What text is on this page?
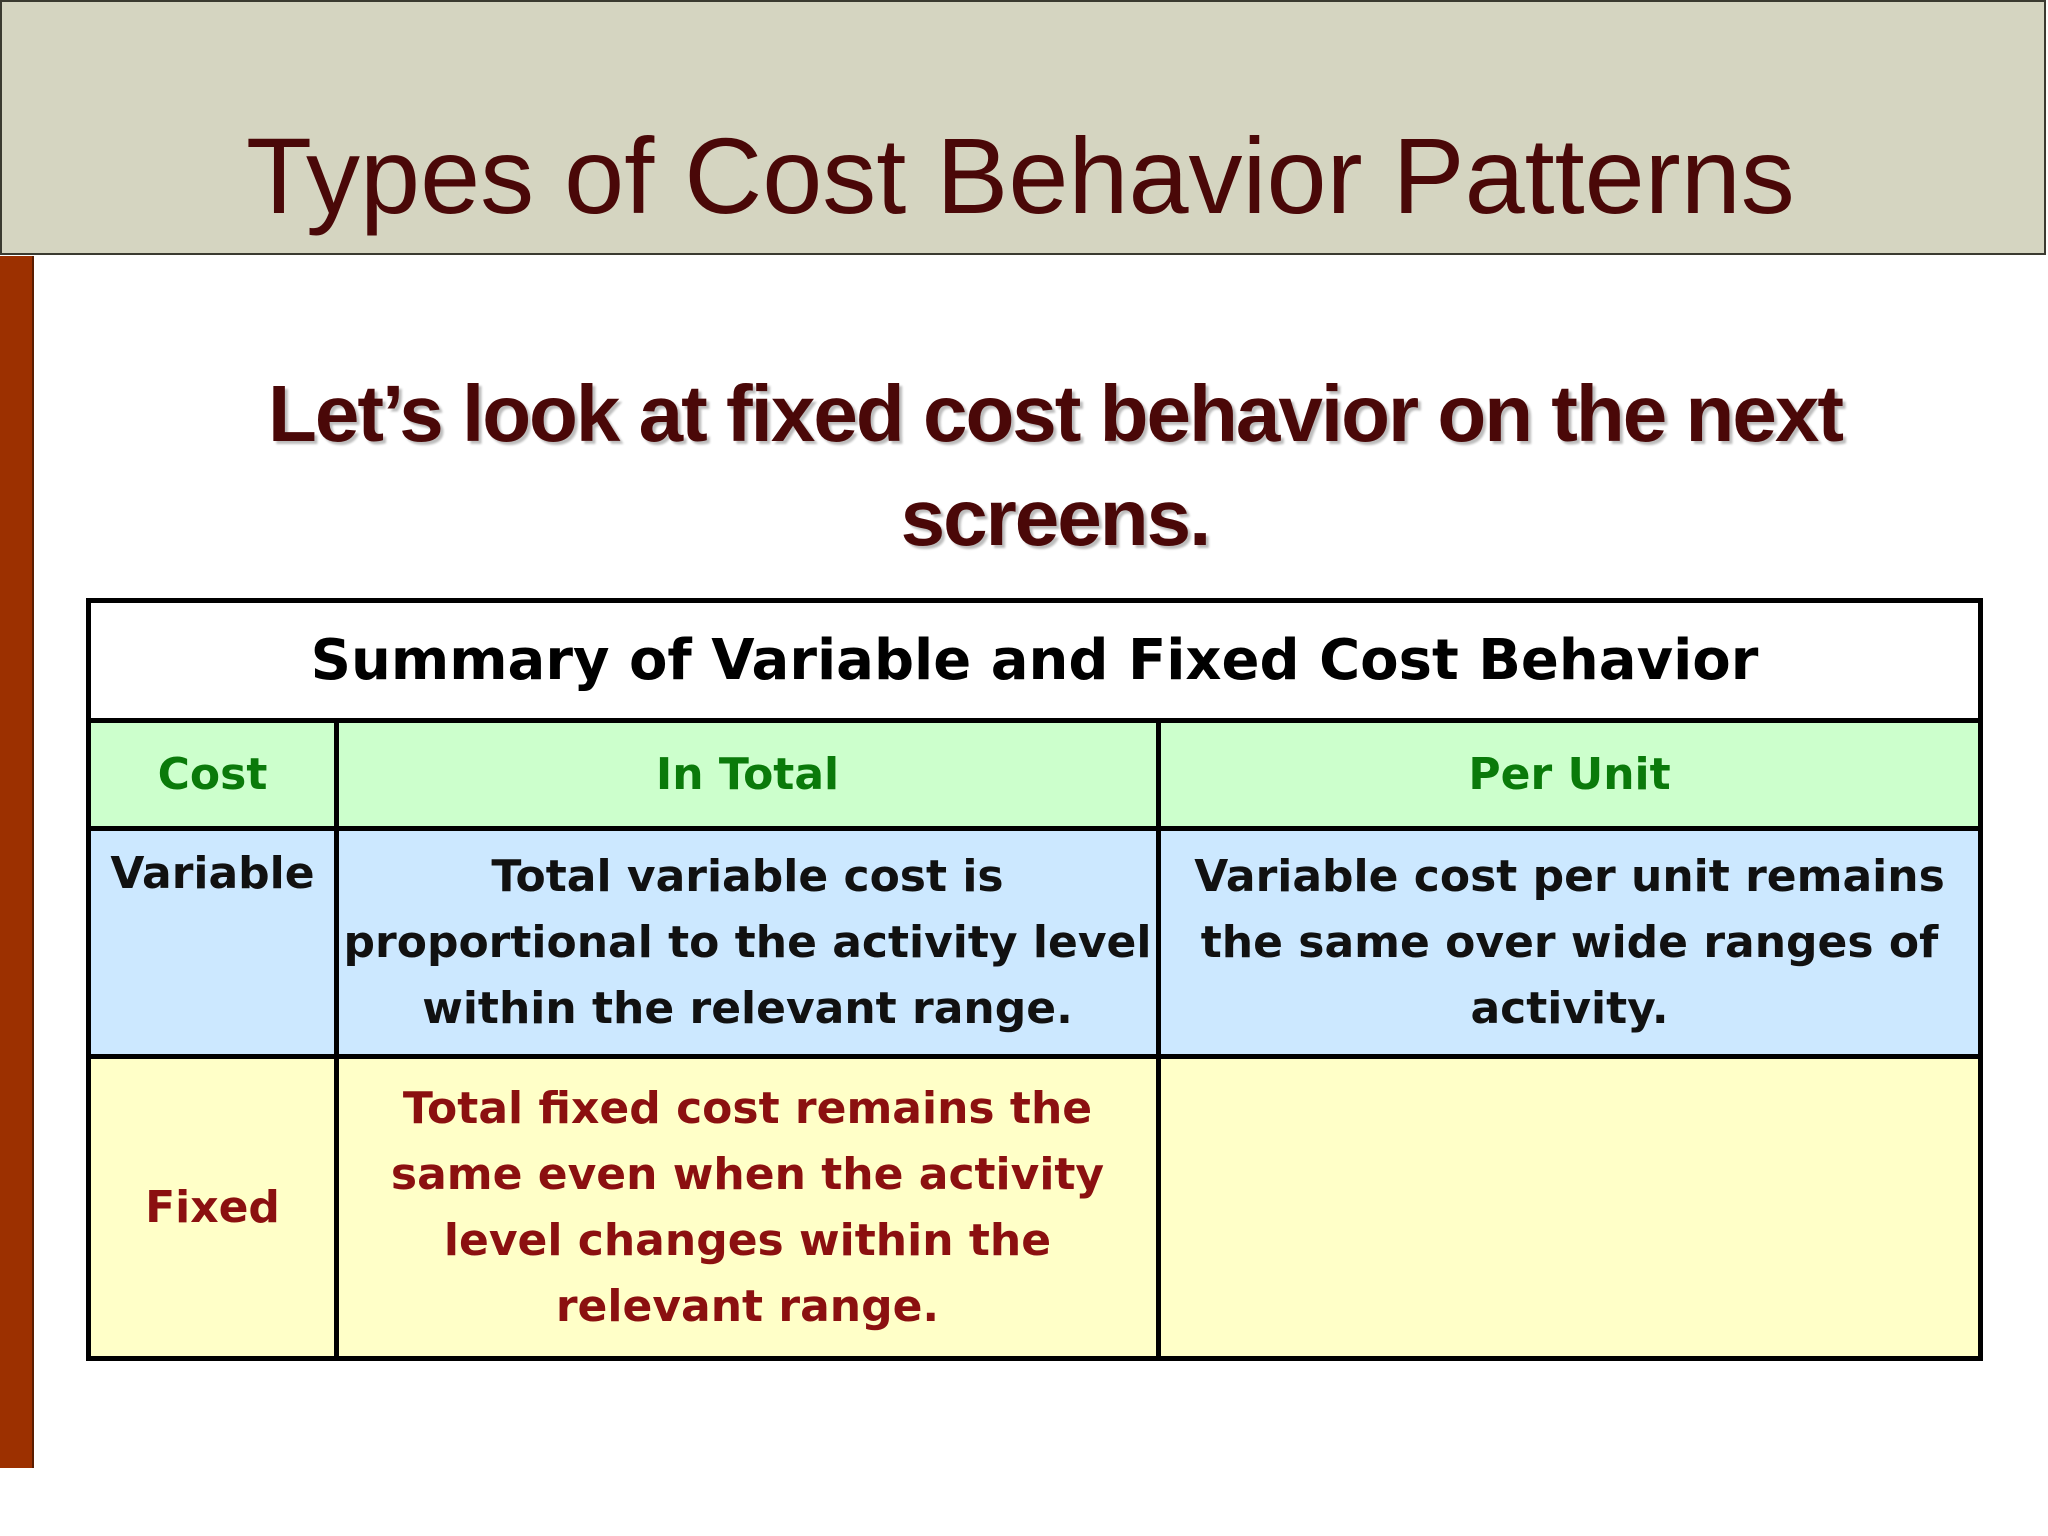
Types of Cost Behavior Patterns

Let’s look at fixed cost behavior on the next screens.

Summary of Variable and Fixed Cost Behavior		
Cost	In Total	Per Unit
Variable	Total variable cost is proportional to the activity level within the relevant range.	Variable cost per unit remains the same over wide ranges of activity.
Fixed	Total fixed cost remains the same even when the activity level changes within the relevant range.	
